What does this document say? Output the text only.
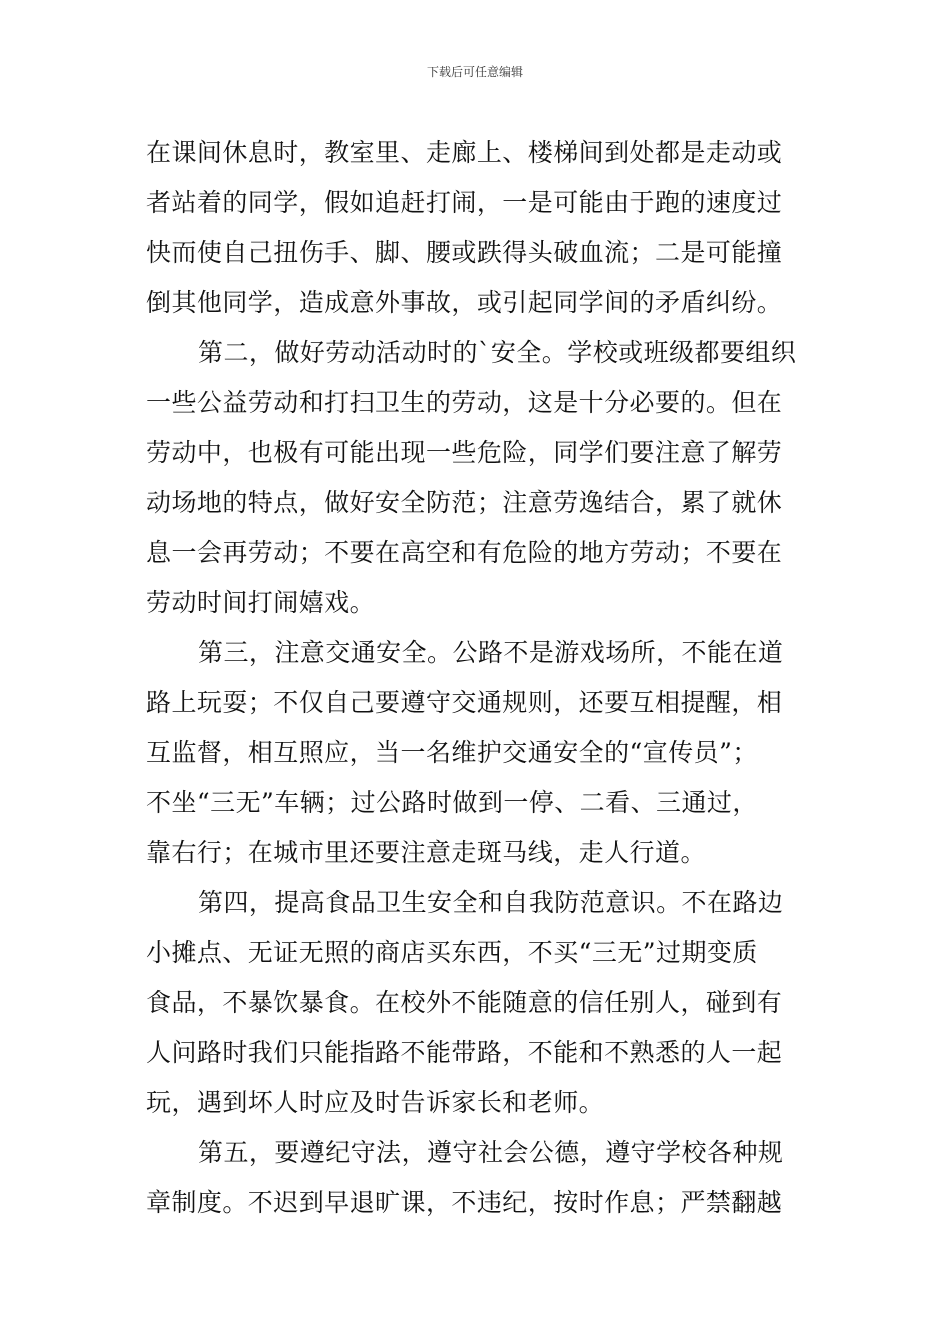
下载后可任意编辑
在课间休息时，教室里、走廊上、楼梯间到处都是走动或
者站着的同学，假如追赶打闹，一是可能由于跑的速度过
快而使自己扭伤手、脚、腰或跌得头破血流；二是可能撞
倒其他同学，造成意外事故，或引起同学间的矛盾纠纷。
第二，做好劳动活动时的`安全。学校或班级都要组织
一些公益劳动和打扫卫生的劳动，这是十分必要的。但在
劳动中，也极有可能出现一些危险，同学们要注意了解劳
动场地的特点，做好安全防范；注意劳逸结合，累了就休
息一会再劳动；不要在高空和有危险的地方劳动；不要在
劳动时间打闹嬉戏。
第三，注意交通安全。公路不是游戏场所，不能在道
路上玩耍；不仅自己要遵守交通规则，还要互相提醒，相
互监督，相互照应，当一名维护交通安全的“宣传员”；
不坐“三无”车辆；过公路时做到一停、二看、三通过，
靠右行；在城市里还要注意走斑马线，走人行道。
第四，提高食品卫生安全和自我防范意识。不在路边
小摊点、无证无照的商店买东西，不买“三无”过期变质
食品，不暴饮暴食。在校外不能随意的信任别人，碰到有
人问路时我们只能指路不能带路，不能和不熟悉的人一起
玩，遇到坏人时应及时告诉家长和老师。
第五，要遵纪守法，遵守社会公德，遵守学校各种规
章制度。不迟到早退旷课，不违纪，按时作息；严禁翻越
